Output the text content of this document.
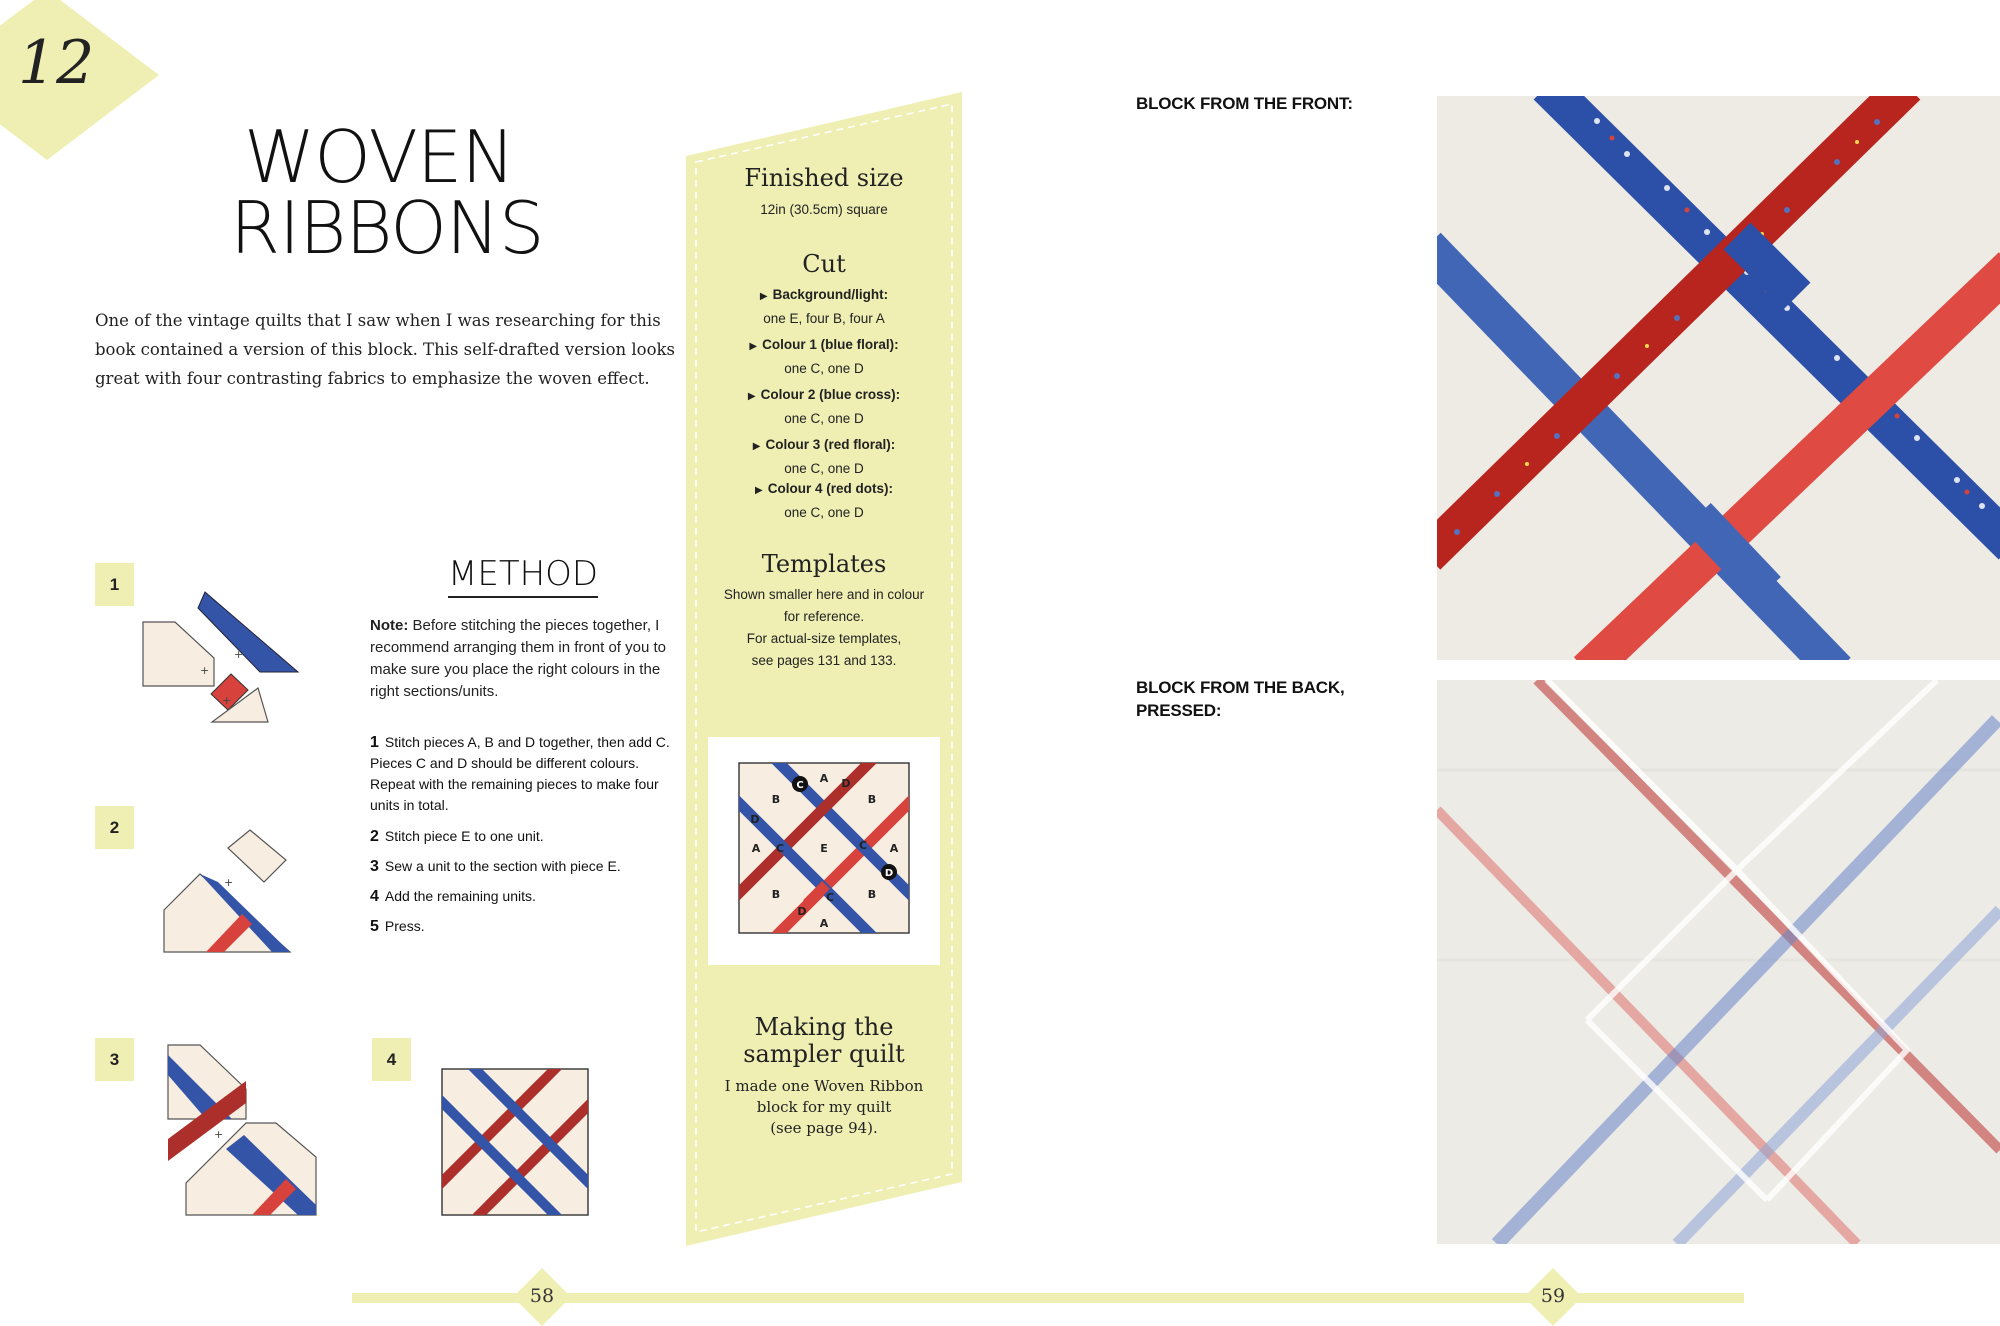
12
WOVEN
RIBBONS
One of the vintage quilts that I saw when I was researching for this book contained a version of this block. This self-drafted version looks great with four contrasting fabrics to emphasize the woven effect.
1
+
+
+
2
+
3
+
4
METHOD
Note: Before stitching the pieces together, I recommend arranging them in front of you to make sure you place the right colours in the right sections/units.
1 Stitch pieces A, B and D together, then add C. Pieces C and D should be different colours. Repeat with the remaining pieces to make four units in total.
2 Stitch piece E to one unit.
3 Sew a unit to the section with piece E.
4 Add the remaining units.
5 Press.
Finished size
12in (30.5cm) square
Cut
▶ Background/light:
one E, four B, four A
▶ Colour 1 (blue floral):
one C, one D
▶ Colour 2 (blue cross):
one C, one D
▶ Colour 3 (red floral):
one C, one D
▶ Colour 4 (red dots):
one C, one D
Templates
Shown smaller here and in colour
for reference.
For actual-size templates,
see pages 131 and 133.
A
B	B
D
D
A C	E	C A
B	B
D
A
C
C
D
Making the
sampler quilt
I made one Woven Ribbon
block for my quilt
(see page 94).
BLOCK FROM THE FRONT:
BLOCK FROM THE BACK,
PRESSED:
58	59
